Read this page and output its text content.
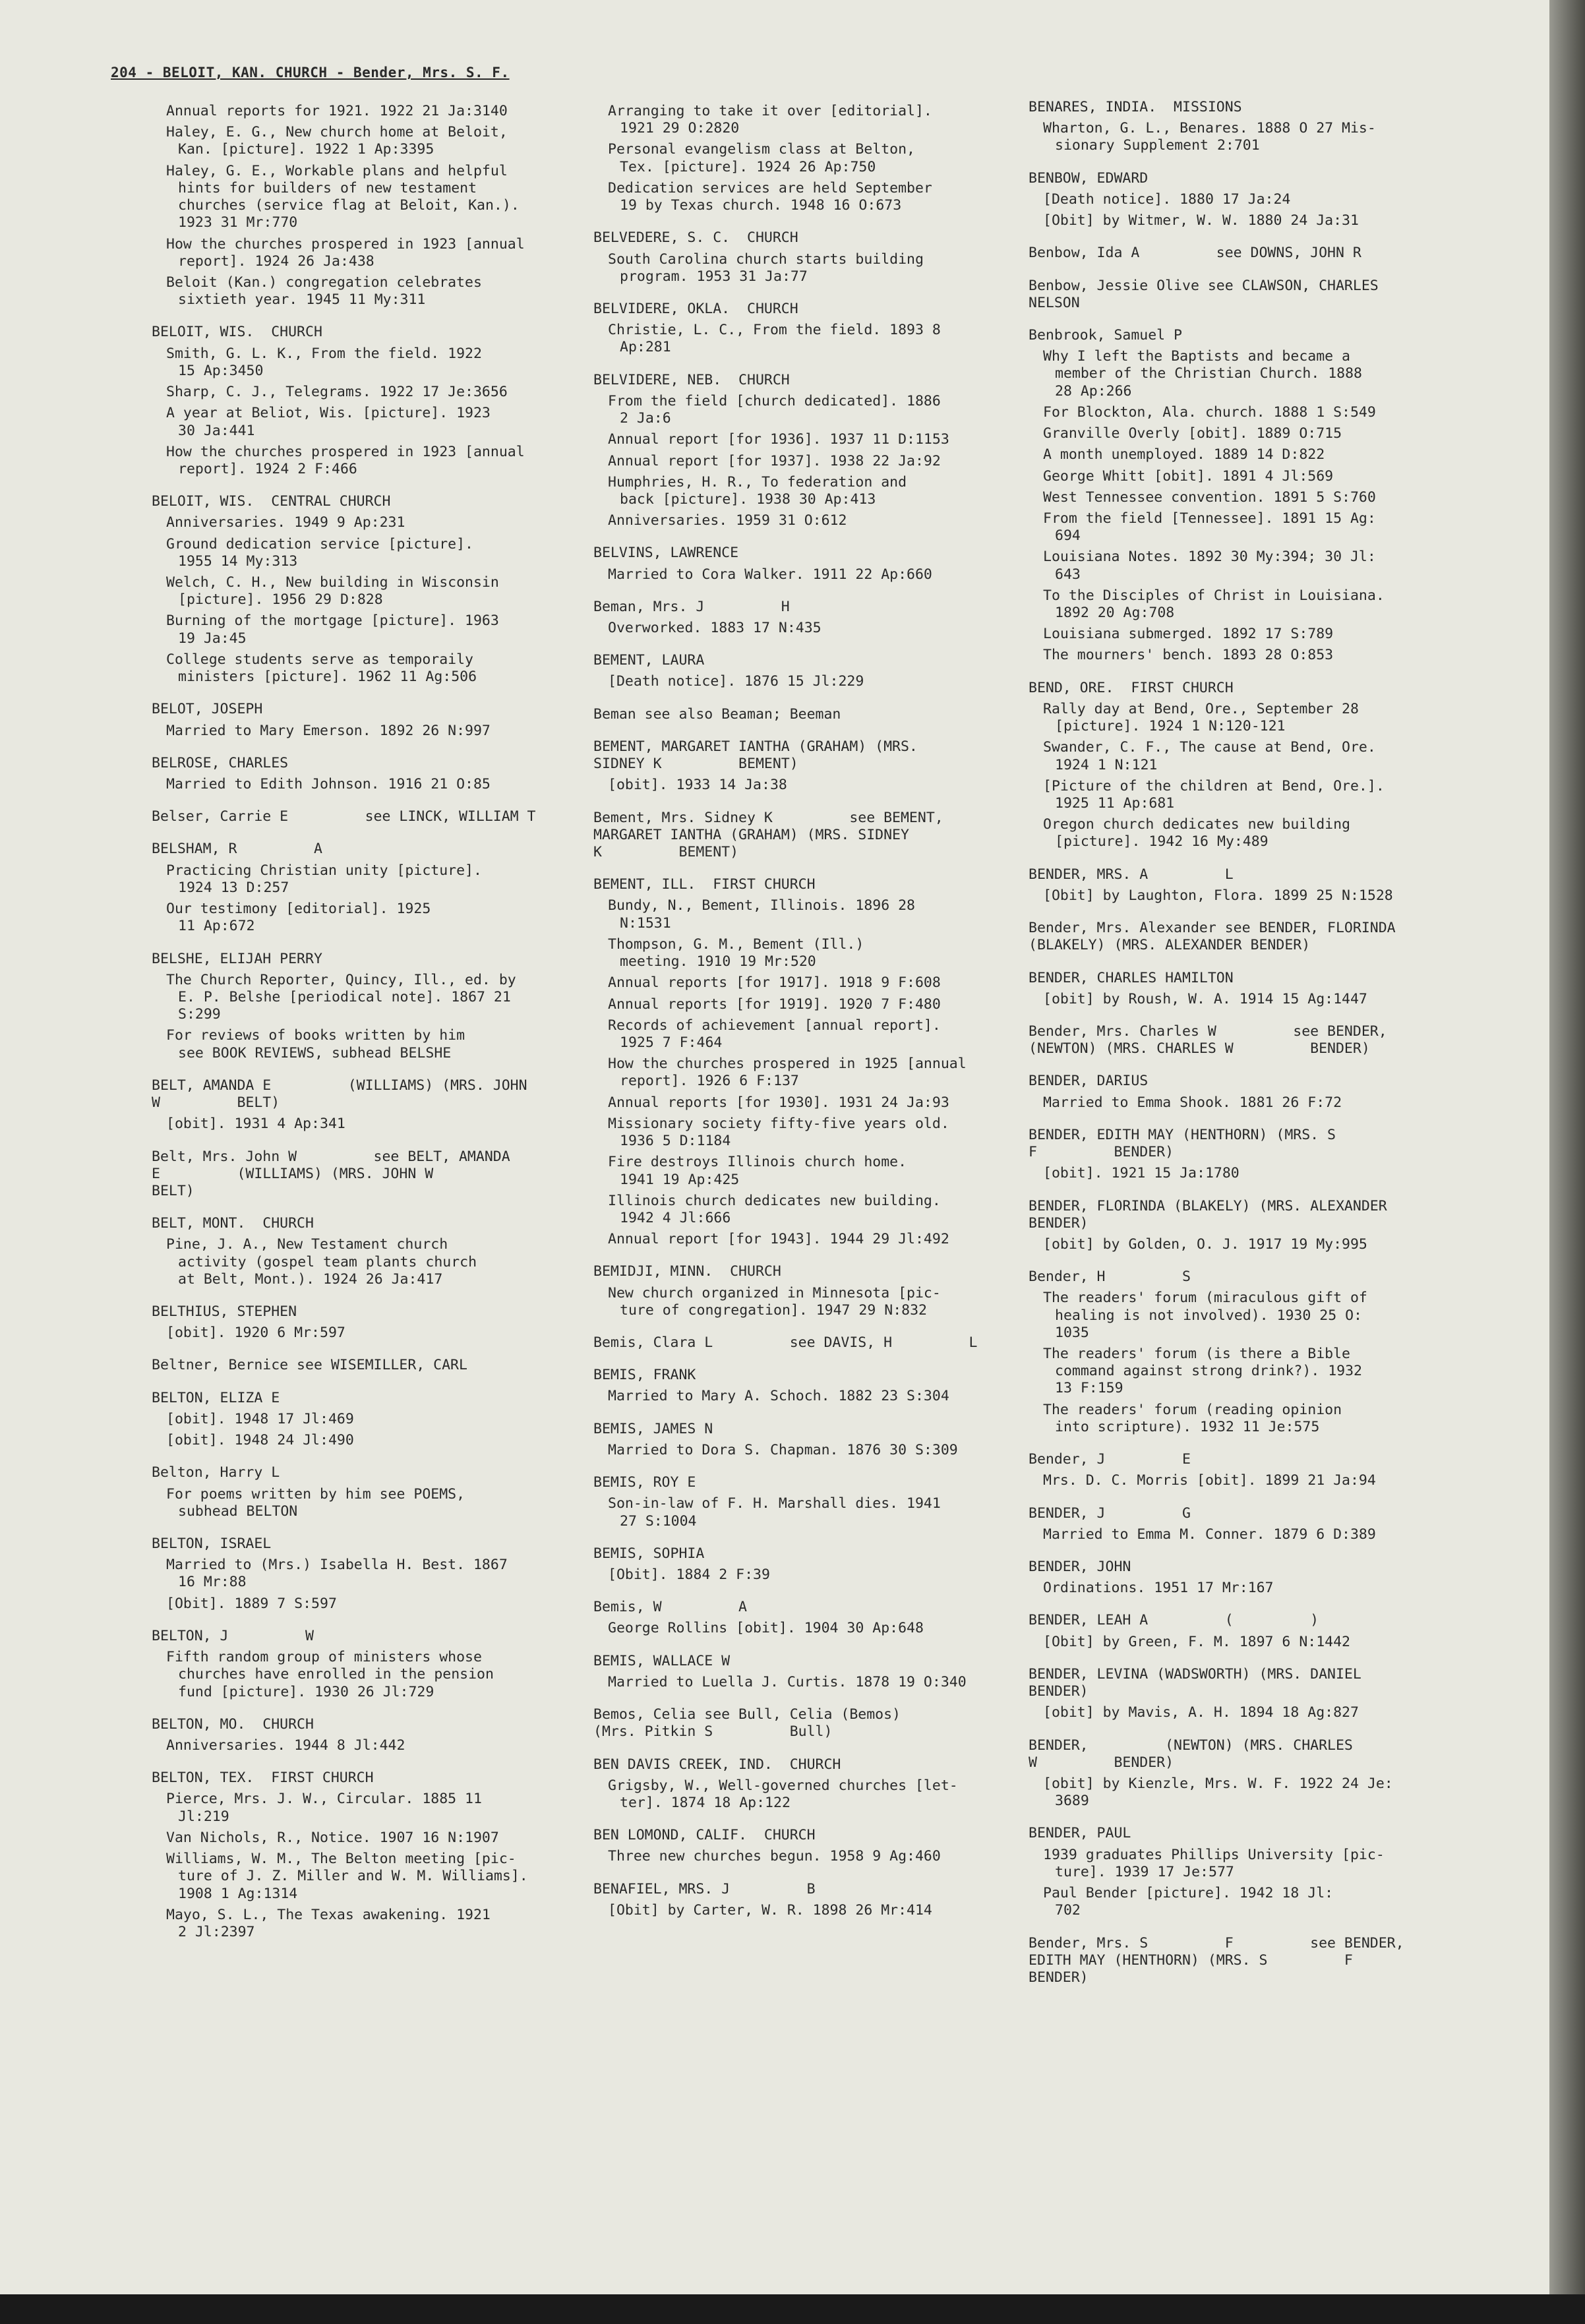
204 - BELOIT, KAN. CHURCH - Bender, Mrs. S. F.
Annual reports for 1921. 1922 21 Ja:3140
Haley, E. G., New church home at Beloit,
Kan. [picture]. 1922 1 Ap:3395
Haley, G. E., Workable plans and helpful
hints for builders of new testament
churches (service flag at Beloit, Kan.).
1923 31 Mr:770
How the churches prospered in 1923 [annual
report]. 1924 26 Ja:438
Beloit (Kan.) congregation celebrates
sixtieth year. 1945 11 My:311
BELOIT, WIS.  CHURCH
Smith, G. L. K., From the field. 1922
15 Ap:3450
Sharp, C. J., Telegrams. 1922 17 Je:3656
A year at Beliot, Wis. [picture]. 1923
30 Ja:441
How the churches prospered in 1923 [annual
report]. 1924 2 F:466
BELOIT, WIS.  CENTRAL CHURCH
Anniversaries. 1949 9 Ap:231
Ground dedication service [picture].
1955 14 My:313
Welch, C. H., New building in Wisconsin
[picture]. 1956 29 D:828
Burning of the mortgage [picture]. 1963
19 Ja:45
College students serve as temporaily
ministers [picture]. 1962 11 Ag:506
BELOT, JOSEPH
Married to Mary Emerson. 1892 26 N:997
BELROSE, CHARLES
Married to Edith Johnson. 1916 21 O:85
Belser, Carrie E         see LINCK, WILLIAM T
BELSHAM, R         A
Practicing Christian unity [picture].
1924 13 D:257
Our testimony [editorial]. 1925
11 Ap:672
BELSHE, ELIJAH PERRY
The Church Reporter, Quincy, Ill., ed. by
E. P. Belshe [periodical note]. 1867 21
S:299
For reviews of books written by him
see BOOK REVIEWS, subhead BELSHE
BELT, AMANDA E         (WILLIAMS) (MRS. JOHN
W         BELT)
[obit]. 1931 4 Ap:341
Belt, Mrs. John W         see BELT, AMANDA
E         (WILLIAMS) (MRS. JOHN W
BELT)
BELT, MONT.  CHURCH
Pine, J. A., New Testament church
activity (gospel team plants church
at Belt, Mont.). 1924 26 Ja:417
BELTHIUS, STEPHEN
[obit]. 1920 6 Mr:597
Beltner, Bernice see WISEMILLER, CARL
BELTON, ELIZA E
[obit]. 1948 17 Jl:469
[obit]. 1948 24 Jl:490
Belton, Harry L
For poems written by him see POEMS,
subhead BELTON
BELTON, ISRAEL
Married to (Mrs.) Isabella H. Best. 1867
16 Mr:88
[Obit]. 1889 7 S:597
BELTON, J         W
Fifth random group of ministers whose
churches have enrolled in the pension
fund [picture]. 1930 26 Jl:729
BELTON, MO.  CHURCH
Anniversaries. 1944 8 Jl:442
BELTON, TEX.  FIRST CHURCH
Pierce, Mrs. J. W., Circular. 1885 11
Jl:219
Van Nichols, R., Notice. 1907 16 N:1907
Williams, W. M., The Belton meeting [pic-
ture of J. Z. Miller and W. M. Williams].
1908 1 Ag:1314
Mayo, S. L., The Texas awakening. 1921
2 Jl:2397
Arranging to take it over [editorial].
1921 29 O:2820
Personal evangelism class at Belton,
Tex. [picture]. 1924 26 Ap:750
Dedication services are held September
19 by Texas church. 1948 16 O:673
BELVEDERE, S. C.  CHURCH
South Carolina church starts building
program. 1953 31 Ja:77
BELVIDERE, OKLA.  CHURCH
Christie, L. C., From the field. 1893 8
Ap:281
BELVIDERE, NEB.  CHURCH
From the field [church dedicated]. 1886
2 Ja:6
Annual report [for 1936]. 1937 11 D:1153
Annual report [for 1937]. 1938 22 Ja:92
Humphries, H. R., To federation and
back [picture]. 1938 30 Ap:413
Anniversaries. 1959 31 O:612
BELVINS, LAWRENCE
Married to Cora Walker. 1911 22 Ap:660
Beman, Mrs. J         H
Overworked. 1883 17 N:435
BEMENT, LAURA
[Death notice]. 1876 15 Jl:229
Beman see also Beaman; Beeman
BEMENT, MARGARET IANTHA (GRAHAM) (MRS.
SIDNEY K         BEMENT)
[obit]. 1933 14 Ja:38
Bement, Mrs. Sidney K         see BEMENT,
MARGARET IANTHA (GRAHAM) (MRS. SIDNEY
K         BEMENT)
BEMENT, ILL.  FIRST CHURCH
Bundy, N., Bement, Illinois. 1896 28
N:1531
Thompson, G. M., Bement (Ill.)
meeting. 1910 19 Mr:520
Annual reports [for 1917]. 1918 9 F:608
Annual reports [for 1919]. 1920 7 F:480
Records of achievement [annual report].
1925 7 F:464
How the churches prospered in 1925 [annual
report]. 1926 6 F:137
Annual reports [for 1930]. 1931 24 Ja:93
Missionary society fifty-five years old.
1936 5 D:1184
Fire destroys Illinois church home.
1941 19 Ap:425
Illinois church dedicates new building.
1942 4 Jl:666
Annual report [for 1943]. 1944 29 Jl:492
BEMIDJI, MINN.  CHURCH
New church organized in Minnesota [pic-
ture of congregation]. 1947 29 N:832
Bemis, Clara L         see DAVIS, H         L
BEMIS, FRANK
Married to Mary A. Schoch. 1882 23 S:304
BEMIS, JAMES N
Married to Dora S. Chapman. 1876 30 S:309
BEMIS, ROY E
Son-in-law of F. H. Marshall dies. 1941
27 S:1004
BEMIS, SOPHIA
[Obit]. 1884 2 F:39
Bemis, W         A
George Rollins [obit]. 1904 30 Ap:648
BEMIS, WALLACE W
Married to Luella J. Curtis. 1878 19 O:340
Bemos, Celia see Bull, Celia (Bemos)
(Mrs. Pitkin S         Bull)
BEN DAVIS CREEK, IND.  CHURCH
Grigsby, W., Well-governed churches [let-
ter]. 1874 18 Ap:122
BEN LOMOND, CALIF.  CHURCH
Three new churches begun. 1958 9 Ag:460
BENAFIEL, MRS. J         B
[Obit] by Carter, W. R. 1898 26 Mr:414
BENARES, INDIA.  MISSIONS
Wharton, G. L., Benares. 1888 O 27 Mis-
sionary Supplement 2:701
BENBOW, EDWARD
[Death notice]. 1880 17 Ja:24
[Obit] by Witmer, W. W. 1880 24 Ja:31
Benbow, Ida A         see DOWNS, JOHN R
Benbow, Jessie Olive see CLAWSON, CHARLES
NELSON
Benbrook, Samuel P
Why I left the Baptists and became a
member of the Christian Church. 1888
28 Ap:266
For Blockton, Ala. church. 1888 1 S:549
Granville Overly [obit]. 1889 O:715
A month unemployed. 1889 14 D:822
George Whitt [obit]. 1891 4 Jl:569
West Tennessee convention. 1891 5 S:760
From the field [Tennessee]. 1891 15 Ag:
694
Louisiana Notes. 1892 30 My:394; 30 Jl:
643
To the Disciples of Christ in Louisiana.
1892 20 Ag:708
Louisiana submerged. 1892 17 S:789
The mourners' bench. 1893 28 O:853
BEND, ORE.  FIRST CHURCH
Rally day at Bend, Ore., September 28
[picture]. 1924 1 N:120-121
Swander, C. F., The cause at Bend, Ore.
1924 1 N:121
[Picture of the children at Bend, Ore.].
1925 11 Ap:681
Oregon church dedicates new building
[picture]. 1942 16 My:489
BENDER, MRS. A         L
[Obit] by Laughton, Flora. 1899 25 N:1528
Bender, Mrs. Alexander see BENDER, FLORINDA
(BLAKELY) (MRS. ALEXANDER BENDER)
BENDER, CHARLES HAMILTON
[obit] by Roush, W. A. 1914 15 Ag:1447
Bender, Mrs. Charles W         see BENDER,
(NEWTON) (MRS. CHARLES W         BENDER)
BENDER, DARIUS
Married to Emma Shook. 1881 26 F:72
BENDER, EDITH MAY (HENTHORN) (MRS. S
F         BENDER)
[obit]. 1921 15 Ja:1780
BENDER, FLORINDA (BLAKELY) (MRS. ALEXANDER
BENDER)
[obit] by Golden, O. J. 1917 19 My:995
Bender, H         S
The readers' forum (miraculous gift of
healing is not involved). 1930 25 O:
1035
The readers' forum (is there a Bible
command against strong drink?). 1932
13 F:159
The readers' forum (reading opinion
into scripture). 1932 11 Je:575
Bender, J         E
Mrs. D. C. Morris [obit]. 1899 21 Ja:94
BENDER, J         G
Married to Emma M. Conner. 1879 6 D:389
BENDER, JOHN
Ordinations. 1951 17 Mr:167
BENDER, LEAH A         (         )
[Obit] by Green, F. M. 1897 6 N:1442
BENDER, LEVINA (WADSWORTH) (MRS. DANIEL
BENDER)
[obit] by Mavis, A. H. 1894 18 Ag:827
BENDER,         (NEWTON) (MRS. CHARLES
W         BENDER)
[obit] by Kienzle, Mrs. W. F. 1922 24 Je:
3689
BENDER, PAUL
1939 graduates Phillips University [pic-
ture]. 1939 17 Je:577
Paul Bender [picture]. 1942 18 Jl:
702
Bender, Mrs. S         F         see BENDER,
EDITH MAY (HENTHORN) (MRS. S         F
BENDER)
